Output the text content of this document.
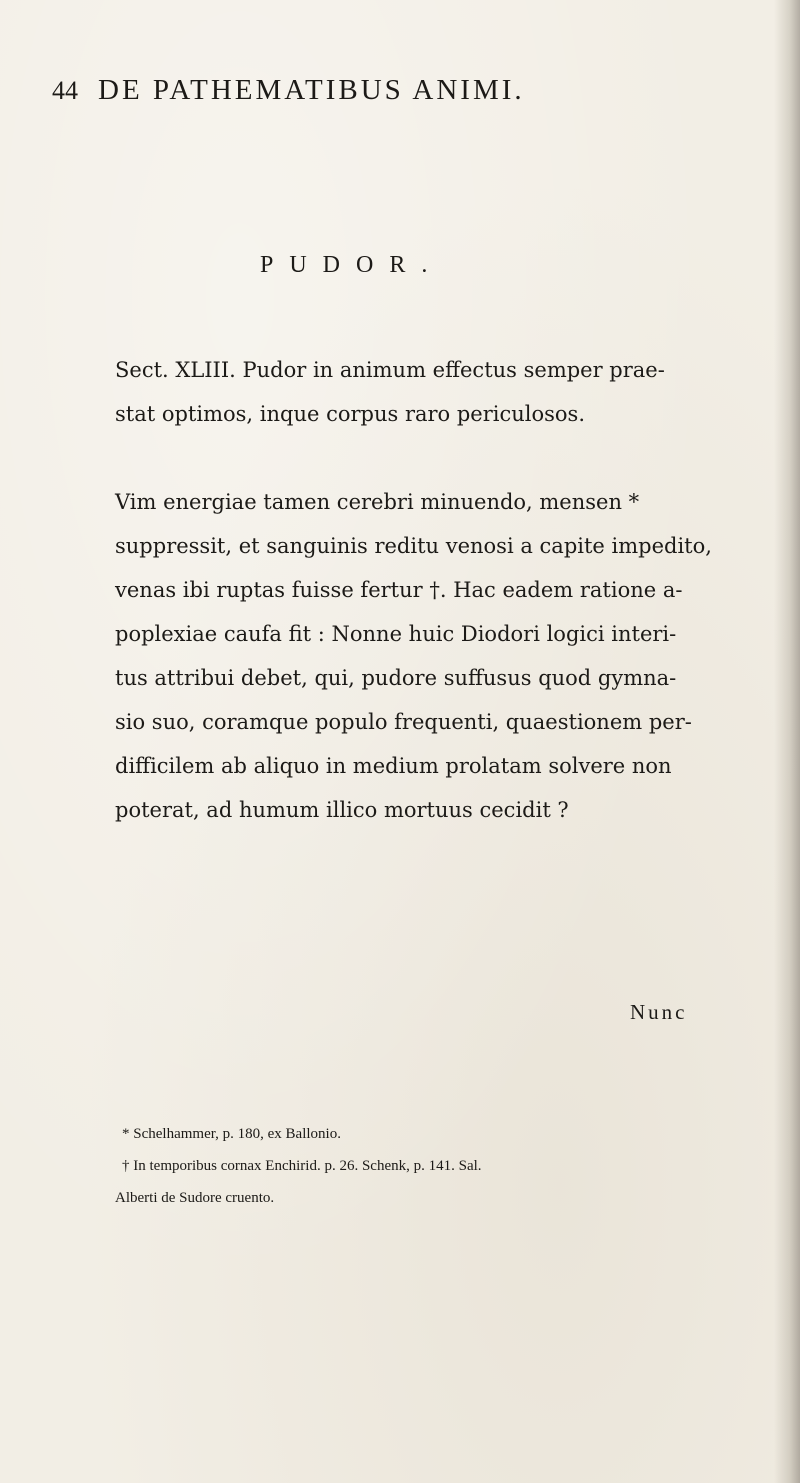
44 DE PATHEMATIBUS ANIMI.
PUDOR.
Sect. XLIII. Pudor in animum effectus semper prae-
stat optimos, inque corpus raro periculosos.
Vim energiae tamen cerebri minuendo, mensen *
suppressit, et sanguinis reditu venosi a capite impedito,
venas ibi ruptas fuisse fertur †. Hac eadem ratione a-
poplexiae caufa fit : Nonne huic Diodori logici interi-
tus attribui debet, qui, pudore suffusus quod gymna-
sio suo, coramque populo frequenti, quaestionem per-
difficilem ab aliquo in medium prolatam solvere non
poterat, ad humum illico mortuus cecidit ?
Nunc
* Schelhammer, p. 180, ex Ballonio.
† In temporibus cornax Enchirid. p. 26. Schenk, p. 141. Sal.
Alberti de Sudore cruento.
